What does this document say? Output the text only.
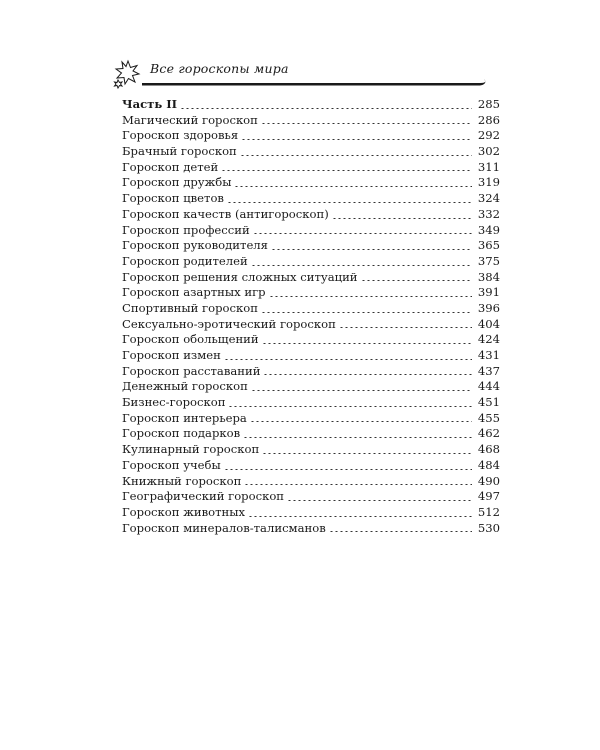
Все гороскопы мира
Часть II	285
Магический гороскоп	286
Гороскоп здоровья	292
Брачный гороскоп	302
Гороскоп детей	311
Гороскоп дружбы	319
Гороскоп цветов	324
Гороскоп качеств (антигороскоп)	332
Гороскоп профессий	349
Гороскоп руководителя	365
Гороскоп родителей	375
Гороскоп решения сложных ситуаций	384
Гороскоп азартных игр	391
Спортивный гороскоп	396
Сексуально-эротический гороскоп	404
Гороскоп обольщений	424
Гороскоп измен	431
Гороскоп расставаний	437
Денежный гороскоп	444
Бизнес-гороскоп	451
Гороскоп интерьера	455
Гороскоп подарков	462
Кулинарный гороскоп	468
Гороскоп учебы	484
Книжный гороскоп	490
Географический гороскоп	497
Гороскоп животных	512
Гороскоп минералов-талисманов	530
